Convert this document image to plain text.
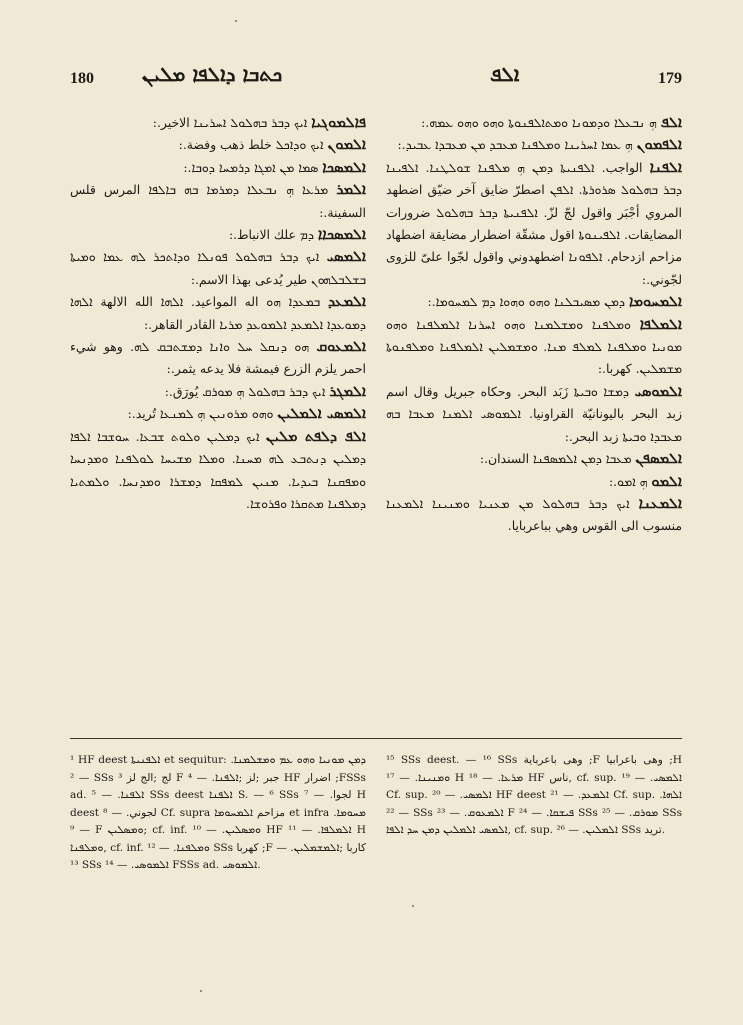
180 ܟܬܒܐ ܕܐܠܦܐ ܡܠܝܢ	ܐܠܦ	179

ܦܐܠܡܘܓܝܐ ܐܝܟ ܕܒܪ ܒܗܠܘܠ ܐܚܪܝܢܐ الاخير.:

ܐܠܡܘܢ ܐܝܟ ܘܕܐܟܠ خلط ذهب وفضة.:

ܐܠܡܣܟܐ ܣܡܐ ܡܢ ܐܡܓܐ ܕܪܡܚܐ ܕܘܒܐ.:

ܐܠܡܪ ܡܪܥܐ ܗܼ ܢܒܥܠܐ ܕܡܪܡܐ ܒܗ ܒܐܠܦܐ المرس قلس السفينة.:

ܐܠܡܣܟܐܐ ܕܡ علك الانباط.:

ܐܠܡܣܝ ܐܝܟ ܕܒܪ ܒܗܠܘܠ ܦܘܢܠܐ ܘܕܐܬܟܪ ܠܗ ܥܡܐ ܘܡܝܬܐ ܒܫܠܒܠܗܘܢ طير يُدعى بهذا الاسم.:

ܐܠܡܥܕ ܒܡܥܕܐ ܗܘ اله المواعيد. ܐܠܗܐ الله الالهة ܐܠܗܐ ܕܡܘܥܕܐ ܐܠܡܥܕ ܐܠܡܘܥܕ ܡܪܝܐ القادر القاهر.:

ܐܠܡܥܘܩ ܗܘ ܕܢܩܠ ܚܠ ܘܐܢܐ ܕܡܫܬܒܩ ܠܗ. وهو شيء احمر يلزم الزرع فيمشة فلا يدعه يثمر.:

ܐܠܡܓܪ ܐܝܟ ܕܒܪ ܒܗܠܘܠ ܗܼ ܡܘܪܩ يُورَق.:

ܐܠܡܣܝ ܐܠܡܠܝܢ ܘܗܘ ܡܪܘܢܝܢ ܗܼ ܠܡܢܥܐ تُريد.:

ܐܠܦ ܕܠܦܬ ܡܠܝܢ ܐܝܟ ܕܡܠܝܢ ܘܠܘܬ ܫܒܥܐ. ܚܘܫܒܐ ܐܠܦܐ ܕܡܠܝܢ ܕܢܬܒܥ ܠܗ ܡܚܢܐ. ܘܡܠܐ ܡܫܝܚܐ ܠܘܠܦܢܐ ܘܡܕܢܚܐ ܘܡܦܩܢܐ ܒܝܕܝܐ. ܡܢܝܢ ܠܡܦܩܐ ܕܡܫܪܐ ܘܡܕܢܚܐ. ܘܠܡܬܝܐ ܕܡܠܦܢܐ ܡܬܩܪܐ ܘܦܪܘܫܐ.

ܐܠܦ ܗܼ ܢܒܥܠܐ ܘܕܡܘܢܐ ܘܡܬܐܠܦܢܘܬܐ ܘܗܘ ܘܗܘ ܥܡܗ.:

ܐܠܦܡܘܢ ܗܼ ܥܡܐ ܐܚܪܝܢܐ ܘܡܠܦܢܐ ܡܥܒܕ ܡܢ ܡܥܒܕܐ ܥܒܝܕ.:

ܐܠܦܢܐ الواجب. ܐܠܦܢܝܬܐ ܕܡܢ ܗܼ ܡܠܦܢܐ ܫܘܠܛܢܐ. ܐܠܦܝܢܐ ܕܒܪ ܒܗܠܘܠ ܣܪܘܪܬܐ. ܐܠܦܢ اصطرّ ضايق آخر ضيّق اضطهد المروي أجْبَر واقول لجّ لزّ. ܐܠܦܢܝܬܐ ܕܒܪ ܒܗܠܘܠ ضرورات المضايقات. ܐܠܦܝܢܘܬܐ اقول مشقّة اضطرار مضايقة اضطهاد مزاحم ازدحام. ܐܠܦܘܢܐ اضطهدوني واقول لجّوا علىّ للزوى لجّوني.:

ܐܠܡܚܘܡܐ ܕܡܢ ܡܣܝܒܠܢܐ ܘܗܘ ܘܗܘܐ ܕܡ ܠܡܚܘܡܐ.:

ܐܠܡܠܦܐ ܘܡܠܦܢܐ ܘܡܫܠܡܢܐ ܘܗܘ ܐܚܪܢܐ ܐܠܡܠܦܢܐ ܘܗܘ ܡܘܢܝܐ ܘܡܠܦܢܐ ܠܡܠܦ ܡܢܐ. ܘܡܫܡܠܝܢ ܐܠܡܠܦܢܐ ܘܡܠܦܢܘܬܐ ܡܫܡܠܝܢ. كهربا.:

ܐܠܡܘܣܝ ܕܡܫܐ ܘܒܝܬܐ زَبَد البحر. وحكاه جبريل وقال اسم زبد البحر باليونانيّة القراونيا. ܐܠܡܘܣܝ ܐܠܡܢܐ ܡܥܒܐ ܒܗ ܡܥܒܕܐ ܘܒܝܬܐ زبد البحر.:

ܐܠܡܣܦܢ ܡܥܒܐ ܕܡܢ ܐܠܡܣܦܢܐ السندان.:

ܐܠܡܘ ܗܼ ܐܡܘ.:

ܐܠܡܥܢܐ ܐܝܟ ܕܒܪ ܒܗܠܘܠ ܡܢ ܡܥܢܝܐ ܘܡܢܝܢܐ ܐܠܡܥܢܐ منسوب الى القوس وهي بباعربايا.

¹ HF deest ܐܠܦܢܝܬܐ et sequitur: ܕܡܢ ܡܘܢܝܐ ܘܗܘ ܥܡ ܘܡܫܠܡܢܐ. — ² SSs لج ;الج لز ³ F جبر ;لز ;ܐܠܦܢܐ. — ⁴ HF اضرار ;FSSs ad. ܐܠܦܢܐ. — ⁵ SSs deest ܐܠܦܢܐ S. — ⁶ SSs لجوا. — ⁷ H deest لجوني. — ⁸ Cf. supra مزاحم ܐܠܡܚܘܡܐ et infra ܡܚܘܡܐ. — ⁹ F ܘܡܣܠܝܢ; cf. inf. ܘܡܣܠܝܢ. — ¹⁰ HF ܐܠܡܠܦܐ. — ¹¹ H ܘܡܠܦܢܐ, cf. inf. ܘܡܠܦܢܐ. — ¹² SSs كهربا ;F كاربا ;ܐܠܡܫܡܠܝܢ. — ¹³ SSs ܐܠܡܘܣܝ. — ¹⁴ FSSs ad. ܐܠܡܘܣܝ.

¹⁵ SSs deest. — ¹⁶ SSs وهى باعرباية ;F وهى باعرابيا ;H ܘܡܢܝܢܐ. — ¹⁷ H ܡܪܥܐ. — ¹⁸ HF ناس, cf. sup. ܐܠܡܣܝ. — ¹⁹ Cf. sup. ܐܠܡܣܝ. — ²⁰ HF deest ܐܠܡܥܕ. — ²¹ Cf. sup. ܐܠܗܐ. — ²² SSs ܐܠܡܥܘܩ. — ²³ F ܦܝܫܩܐ. — ²⁴ SSs ܡܘܪܩ. — ²⁵ SSs ܐܠܡܣܝ ܐܠܡܠܝܢ ܕܡܢ ܚܕ ܐܠܦܐ, cf. sup. ܐܠܡܠܝܢ. — ²⁶ SSs تريد.
